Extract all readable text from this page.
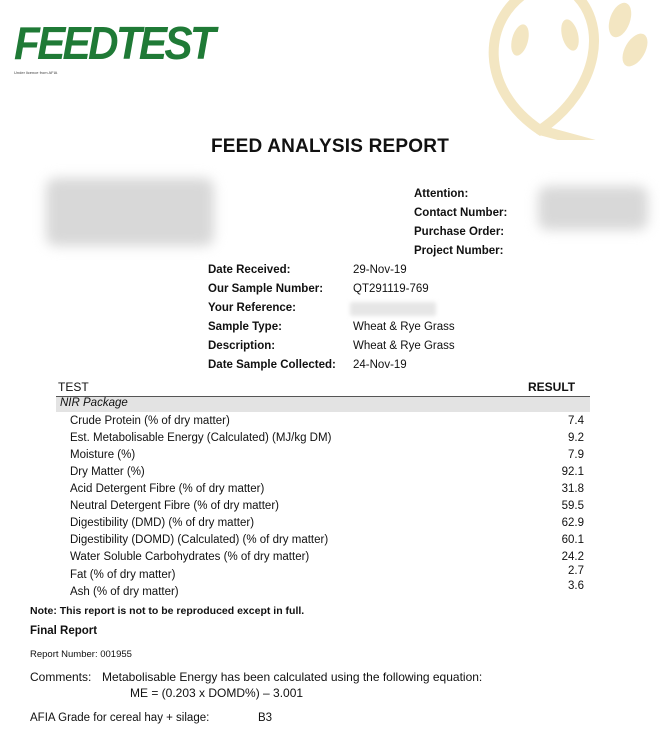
FEEDTEST
Under licence from AFIA
FEED ANALYSIS REPORT
Attention:
Contact Number:
Purchase Order:
Project Number:
Date Received:	29-Nov-19
Our Sample Number:	QT291119-769
Your Reference:
Sample Type:	Wheat & Rye Grass
Description:	Wheat & Rye Grass
Date Sample Collected: 24-Nov-19
TEST	RESULT
NIR Package
Crude Protein (% of dry matter)	7.4
Est. Metabolisable Energy (Calculated) (MJ/kg DM)	9.2
Moisture (%)	7.9
Dry Matter (%)	92.1
Acid Detergent Fibre (% of dry matter)	31.8
Neutral Detergent Fibre (% of dry matter)	59.5
Digestibility (DMD) (% of dry matter)	62.9
Digestibility (DOMD) (Calculated) (% of dry matter)	60.1
Water Soluble Carbohydrates (% of dry matter)	24.2
Fat (% of dry matter)	2.7
Ash (% of dry matter)	3.6
Note: This report is not to be reproduced except in full.
Final Report
Report Number: 001955
Comments: Metabolisable Energy has been calculated using the following equation:
ME = (0.203 x DOMD%) – 3.001
AFIA Grade for cereal hay + silage:	B3
